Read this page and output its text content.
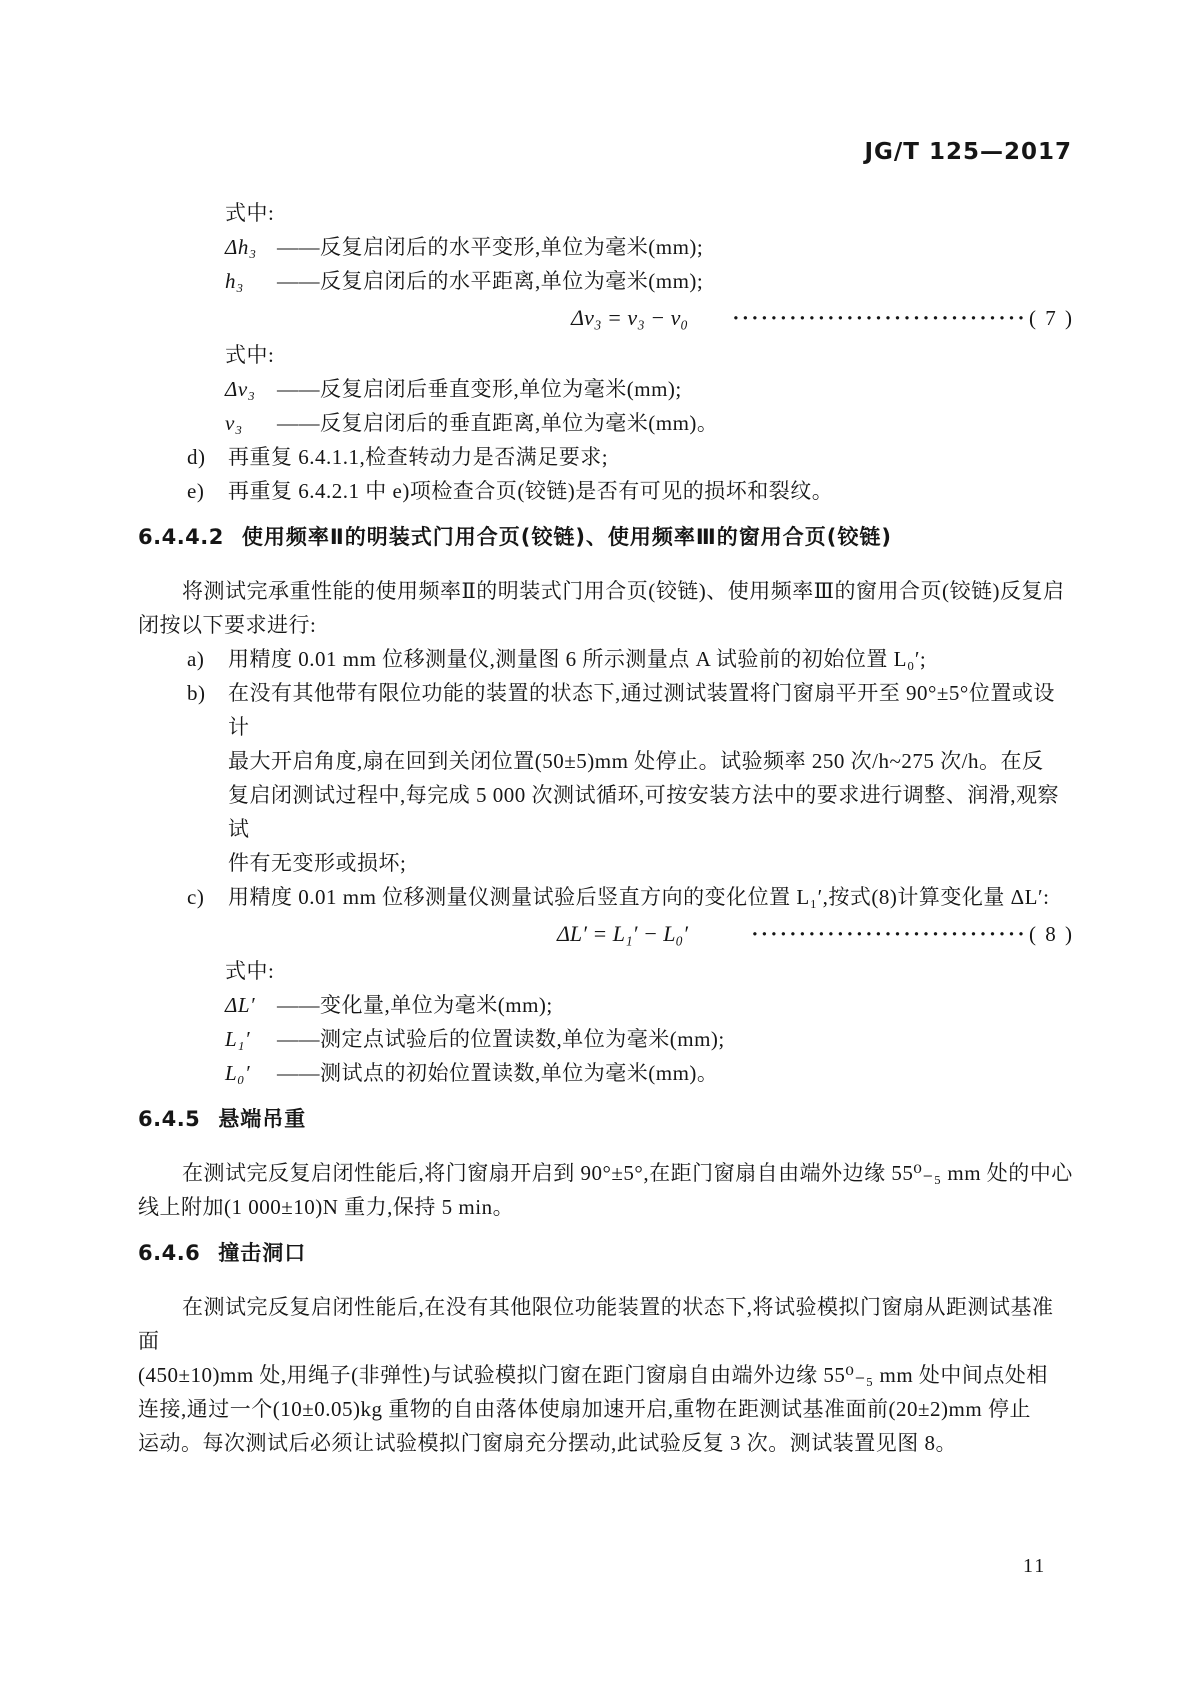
JG/T 125—2017
式中:
Δh₃ ——反复启闭后的水平变形,单位为毫米(mm);
h₃	——反复启闭后的水平距离,单位为毫米(mm);
Δv₃ = v₃ − v₀ ······························· ( 7 )
式中:
Δv₃	——反复启闭后垂直变形,单位为毫米(mm);
v₃	——反复启闭后的垂直距离,单位为毫米(mm)。
d)	再重复 6.4.1.1,检查转动力是否满足要求;
e)	再重复 6.4.2.1 中 e)项检查合页(铰链)是否有可见的损坏和裂纹。
6.4.4.2 使用频率Ⅱ的明装式门用合页(铰链)、使用频率Ⅲ的窗用合页(铰链)
将测试完承重性能的使用频率Ⅱ的明装式门用合页(铰链)、使用频率Ⅲ的窗用合页(铰链)反复启
闭按以下要求进行:
a)	用精度 0.01 mm 位移测量仪,测量图 6 所示测量点 A 试验前的初始位置 L₀′;
b)	在没有其他带有限位功能的装置的状态下,通过测试装置将门窗扇平开至 90°±5°位置或设计
最大开启角度,扇在回到关闭位置(50±5)mm 处停止。试验频率 250 次/h~275 次/h。在反
复启闭测试过程中,每完成 5 000 次测试循环,可按安装方法中的要求进行调整、润滑,观察试
件有无变形或损坏;
c)	用精度 0.01 mm 位移测量仪测量试验后竖直方向的变化位置 L₁′,按式(8)计算变化量 ΔL′:
ΔL′ = L₁′ − L₀′	····························· ( 8 )
式中:
ΔL′	——变化量,单位为毫米(mm);
L₁′	——测定点试验后的位置读数,单位为毫米(mm);
L₀′	——测试点的初始位置读数,单位为毫米(mm)。
6.4.5 悬端吊重
在测试完反复启闭性能后,将门窗扇开启到 90°±5°,在距门窗扇自由端外边缘 55⁰₋₅ mm 处的中心
线上附加(1 000±10)N 重力,保持 5 min。
6.4.6 撞击洞口
在测试完反复启闭性能后,在没有其他限位功能装置的状态下,将试验模拟门窗扇从距测试基准面
(450±10)mm 处,用绳子(非弹性)与试验模拟门窗在距门窗扇自由端外边缘 55⁰₋₅ mm 处中间点处相
连接,通过一个(10±0.05)kg 重物的自由落体使扇加速开启,重物在距测试基准面前(20±2)mm 停止
运动。每次测试后必须让试验模拟门窗扇充分摆动,此试验反复 3 次。测试装置见图 8。
11
